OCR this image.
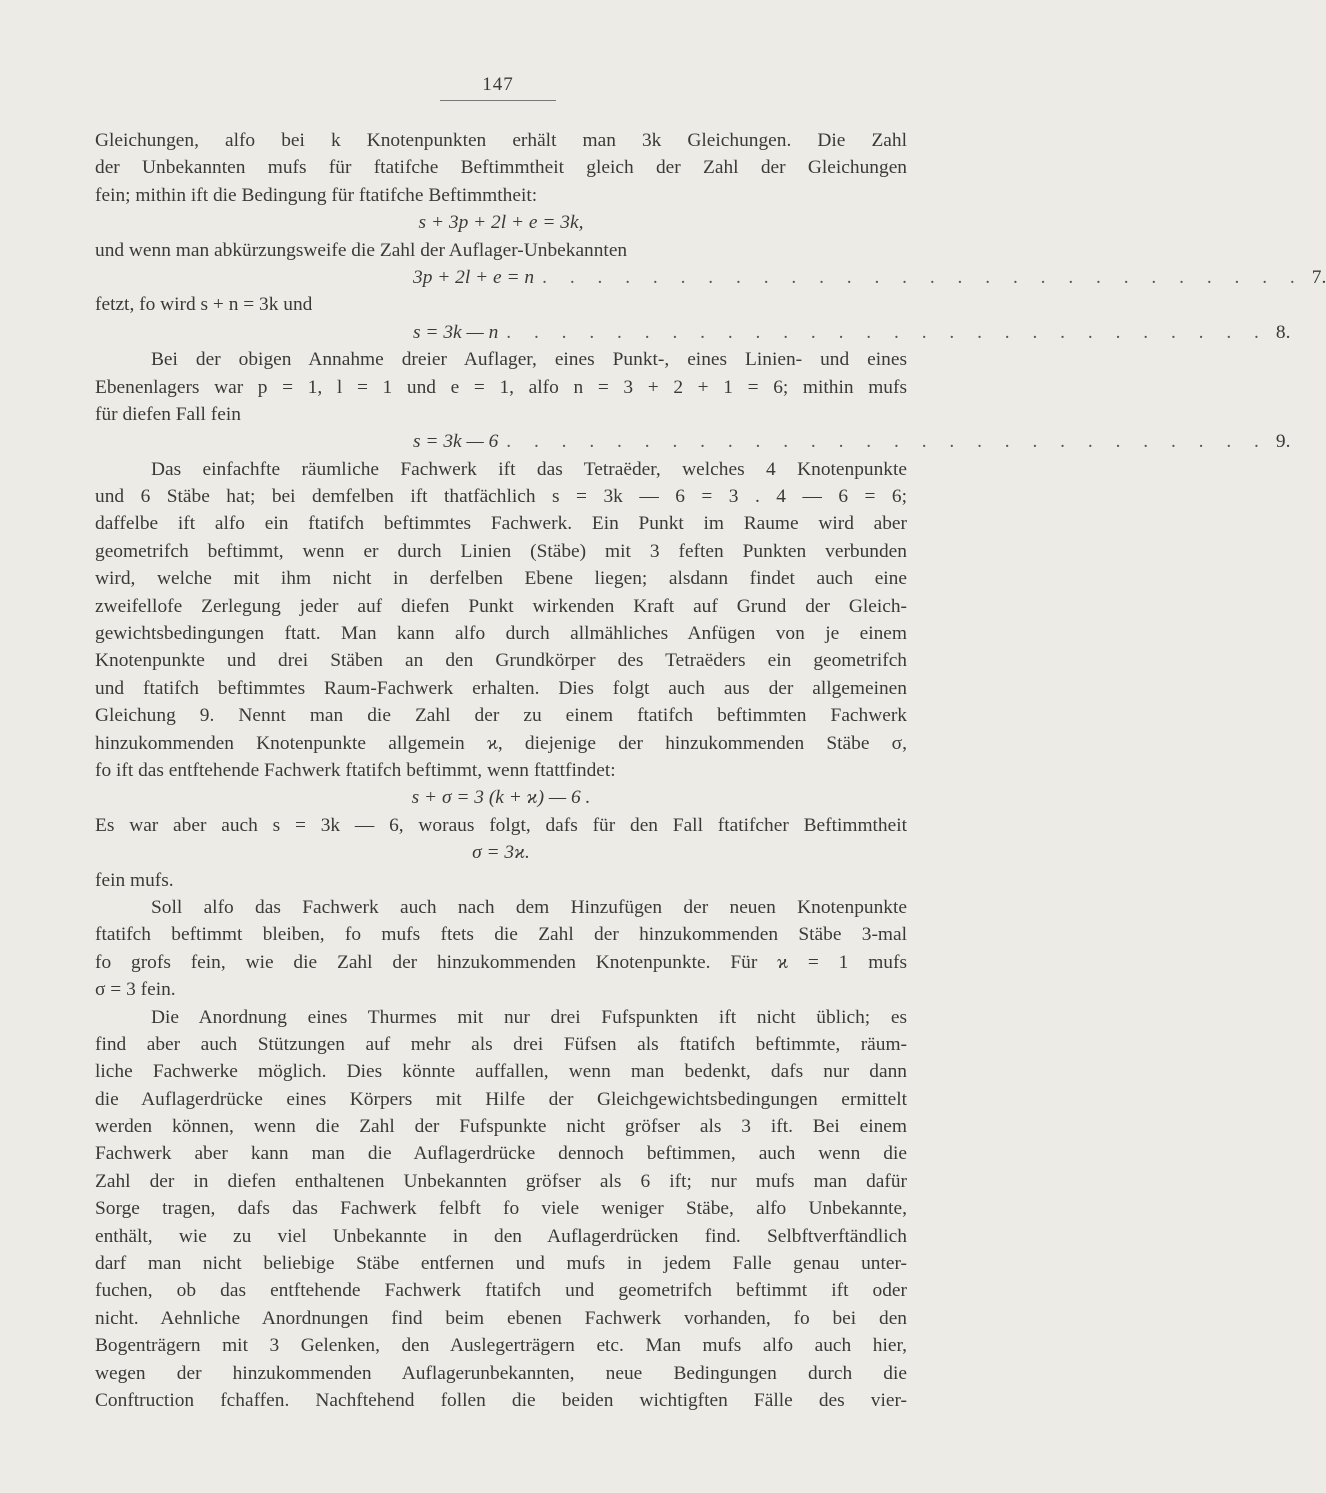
147
Gleichungen, alfo bei k Knotenpunkten erhält man 3k Gleichungen. Die Zahl
der Unbekannten mufs für ftatifche Beftimmtheit gleich der Zahl der Gleichungen
fein; mithin ift die Bedingung für ftatifche Beftimmtheit:
s + 3p + 2l + e = 3k,
und wenn man abkürzungsweife die Zahl der Auflager-Unbekannten
3p + 2l + e = n . . . . . . . . . . . . . . . . . . . . . . . . . . . . 7.
fetzt, fo wird s + n = 3k und
s = 3k — n . . . . . . . . . . . . . . . . . . . . . . . . . . . . 8.
Bei der obigen Annahme dreier Auflager, eines Punkt-, eines Linien- und eines
Ebenenlagers war p = 1, l = 1 und e = 1, alfo n = 3 + 2 + 1 = 6; mithin mufs
für diefen Fall fein
s = 3k — 6 . . . . . . . . . . . . . . . . . . . . . . . . . . . . 9.
Das einfachfte räumliche Fachwerk ift das Tetraëder, welches 4 Knotenpunkte
und 6 Stäbe hat; bei demfelben ift thatfächlich s = 3k — 6 = 3 . 4 — 6 = 6;
daffelbe ift alfo ein ftatifch beftimmtes Fachwerk. Ein Punkt im Raume wird aber
geometrifch beftimmt, wenn er durch Linien (Stäbe) mit 3 feften Punkten verbunden
wird, welche mit ihm nicht in derfelben Ebene liegen; alsdann findet auch eine
zweifellofe Zerlegung jeder auf diefen Punkt wirkenden Kraft auf Grund der Gleich-
gewichtsbedingungen ftatt. Man kann alfo durch allmähliches Anfügen von je einem
Knotenpunkte und drei Stäben an den Grundkörper des Tetraëders ein geometrifch
und ftatifch beftimmtes Raum-Fachwerk erhalten. Dies folgt auch aus der allgemeinen
Gleichung 9. Nennt man die Zahl der zu einem ftatifch beftimmten Fachwerk
hinzukommenden Knotenpunkte allgemein ϰ, diejenige der hinzukommenden Stäbe σ,
fo ift das entftehende Fachwerk ftatifch beftimmt, wenn ftattfindet:
s + σ = 3 (k + ϰ) — 6 .
Es war aber auch s = 3k — 6, woraus folgt, dafs für den Fall ftatifcher Beftimmtheit
σ = 3ϰ.
fein mufs.
Soll alfo das Fachwerk auch nach dem Hinzufügen der neuen Knotenpunkte
ftatifch beftimmt bleiben, fo mufs ftets die Zahl der hinzukommenden Stäbe 3-mal
fo grofs fein, wie die Zahl der hinzukommenden Knotenpunkte. Für ϰ = 1 mufs
σ = 3 fein.
Die Anordnung eines Thurmes mit nur drei Fufspunkten ift nicht üblich; es
find aber auch Stützungen auf mehr als drei Füfsen als ftatifch beftimmte, räum-
liche Fachwerke möglich. Dies könnte auffallen, wenn man bedenkt, dafs nur dann
die Auflagerdrücke eines Körpers mit Hilfe der Gleichgewichtsbedingungen ermittelt
werden können, wenn die Zahl der Fufspunkte nicht gröfser als 3 ift. Bei einem
Fachwerk aber kann man die Auflagerdrücke dennoch beftimmen, auch wenn die
Zahl der in diefen enthaltenen Unbekannten gröfser als 6 ift; nur mufs man dafür
Sorge tragen, dafs das Fachwerk felbft fo viele weniger Stäbe, alfo Unbekannte,
enthält, wie zu viel Unbekannte in den Auflagerdrücken find. Selbftverftändlich
darf man nicht beliebige Stäbe entfernen und mufs in jedem Falle genau unter-
fuchen, ob das entftehende Fachwerk ftatifch und geometrifch beftimmt ift oder
nicht. Aehnliche Anordnungen find beim ebenen Fachwerk vorhanden, fo bei den
Bogenträgern mit 3 Gelenken, den Auslegerträgern etc. Man mufs alfo auch hier,
wegen der hinzukommenden Auflagerunbekannten, neue Bedingungen durch die
Conftruction fchaffen. Nachftehend follen die beiden wichtigften Fälle des vier-
